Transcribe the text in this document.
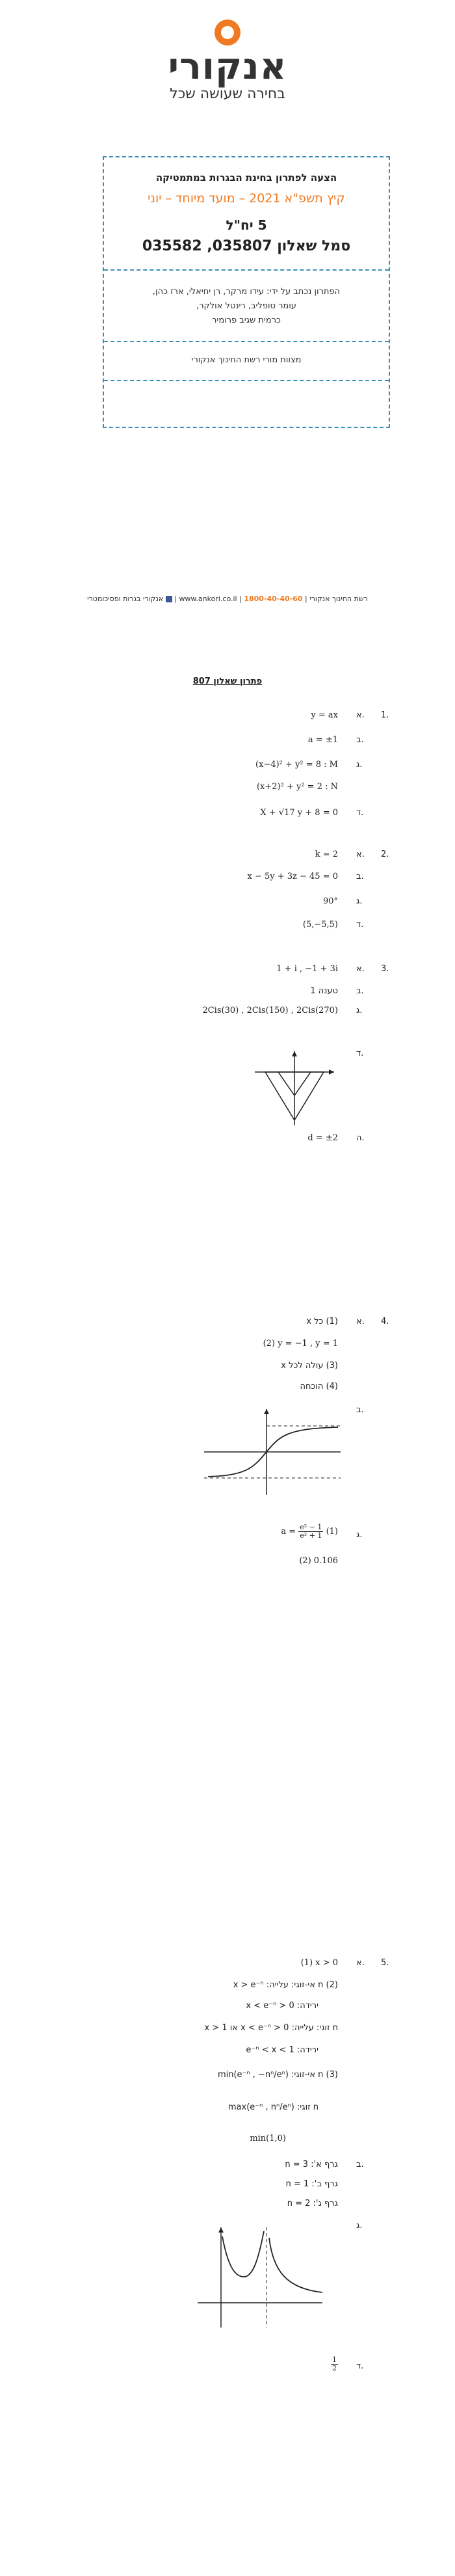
אנקורי
בחירה שעושה שכל
הצעה לפתרון בחינת הבגרות במתמטיקה
קיץ תשפ"א 2021 – מועד מיוחד – יוני
5 יח"ל
סמל שאלון 035807, 035582
הפתרון נכתב על ידי: עידו מרקר, רן יחיאלי, ארז כהן,
עומר טופליב, רינטל אולקר,
כרמית שגיב פרומיר
מצוות מורי רשת החינוך אנקורי
רשת החינוך אנקורי | 1800-40-40-60 | www.ankori.co.il |  אנקורי בגרות ופסיכומטרי
פתרון שאלון 807
1.
א.
y = ax
ב.
a = ±1
ג.
(x−4)² + y² = 8 : M
(x+2)² + y² = 2 : N
ד.
X + √17 y + 8 = 0
2.
א.
k = 2
ב.
x − 5y + 3z − 45 = 0
ג.
90°
ד.
(5,−5,5)
3.
א.
1 + i , −1 + 3i
ב.
טענה 1
ג.
2Cis(30) , 2Cis(150) , 2Cis(270)
ד.
ה.
d = ±2
4.
א.
(1) כל x
(2) y = −1 , y = 1
(3) עולה לכל x
(4) הוכחה
ב.
ג.
$a = \frac{\text{e² − 1}}{\text{e² + 1}} (1)$
(2) 0.106
5.
א.
(1) x > 0
(2) n אי-זוגי: עלייה: x > e⁻ⁿ
ירידה: 0 < x < e⁻ⁿ
n זוגי: עלייה: 0 < x < e⁻ⁿ או x > 1
ירידה: e⁻ⁿ < x < 1
(3) n אי-זוגי: min(e⁻ⁿ , −nⁿ/eⁿ)
n זוגי: max(e⁻ⁿ , nⁿ/eⁿ)
min(1,0)
ב.
גרף א': n = 3
גרף ב': n = 1
גרף ג': n = 2
ג.
ד.
$\frac{1}{2}$
